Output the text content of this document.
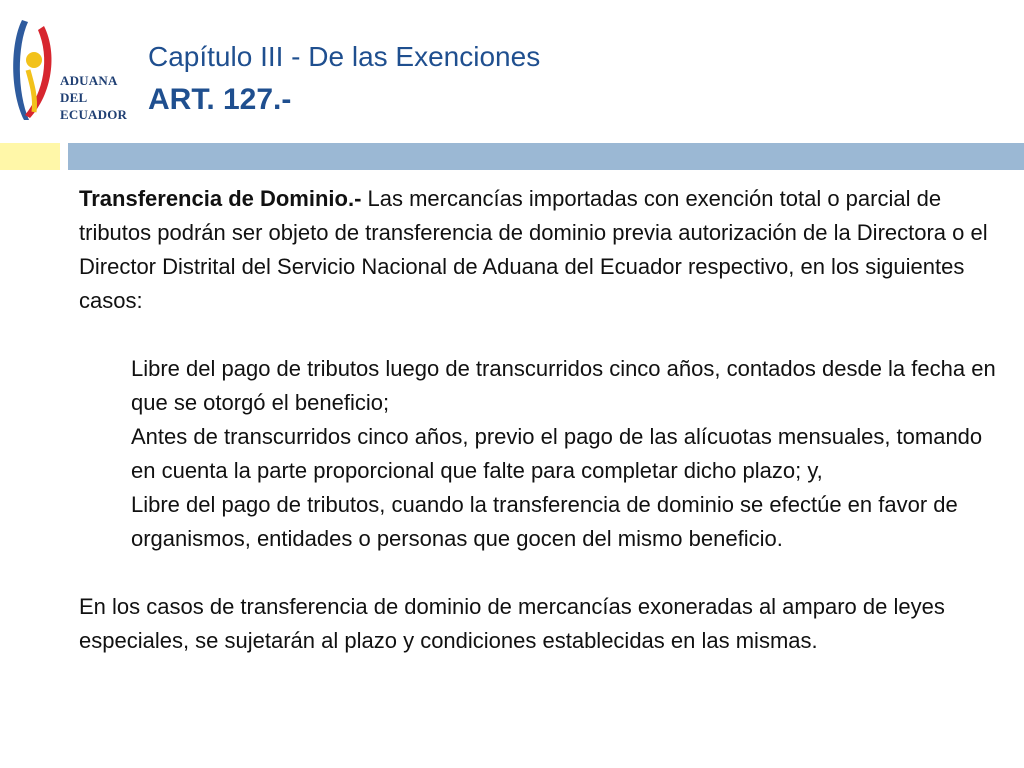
ADUANA
DEL
ECUADOR
Capítulo III - De las Exenciones
ART. 127.-

Transferencia de Dominio.- Las mercancías importadas con exención total o parcial de tributos podrán ser objeto de transferencia de dominio previa autorización de la Directora o el Director Distrital del Servicio Nacional de Aduana del Ecuador respectivo, en los siguientes casos:

Libre del pago de tributos luego de transcurridos cinco años, contados desde la fecha en que se otorgó el beneficio;

Antes de transcurridos cinco años, previo el pago de las alícuotas mensuales, tomando en cuenta la parte proporcional que falte para completar dicho plazo; y,

Libre del pago de tributos, cuando la transferencia de dominio se efectúe en favor de organismos, entidades o personas que gocen del mismo beneficio.

En los casos de transferencia de dominio de mercancías exoneradas al amparo de leyes especiales, se sujetarán al plazo y condiciones establecidas en las mismas.
